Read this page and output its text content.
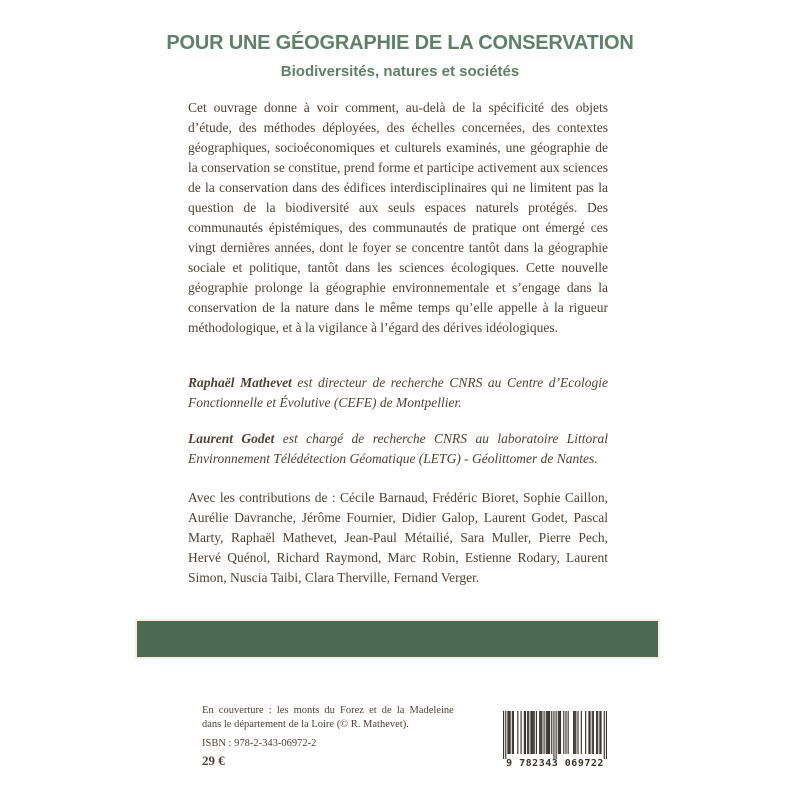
POUR UNE GÉOGRAPHIE DE LA CONSERVATION
Biodiversités, natures et sociétés
Cet ouvrage donne à voir comment, au-delà de la spécificité des objets d’étude, des méthodes déployées, des échelles concernées, des contextes géographiques, socioéconomiques et culturels examinés, une géographie de la conservation se constitue, prend forme et participe activement aux sciences de la conservation dans des édifices interdisciplinaires qui ne limitent pas la question de la biodiversité aux seuls espaces naturels protégés. Des communautés épistémiques, des communautés de pratique ont émergé ces vingt dernières années, dont le foyer se concentre tantôt dans la géographie sociale et politique, tantôt dans les sciences écologiques. Cette nouvelle géographie prolonge la géographie environnementale et s’engage dans la conservation de la nature dans le même temps qu’elle appelle à la rigueur méthodologique, et à la vigilance à l’égard des dérives idéologiques.

Raphaël Mathevet est directeur de recherche CNRS au Centre d’Ecologie Fonctionnelle et Évolutive (CEFE) de Montpellier.

Laurent Godet est chargé de recherche CNRS au laboratoire Littoral Environnement Télédétection Géomatique (LETG) - Géolittomer de Nantes.

Avec les contributions de : Cécile Barnaud, Frédéric Bioret, Sophie Caillon, Aurélie Davranche, Jérôme Fournier, Didier Galop, Laurent Godet, Pascal Marty, Raphaël Mathevet, Jean-Paul Métailié, Sara Muller, Pierre Pech, Hervé Quénol, Richard Raymond, Marc Robin, Estienne Rodary, Laurent Simon, Nuscia Taibi, Clara Therville, Fernand Verger.
En couverture : les monts du Forez et de la Madeleine
dans le département de la Loire (© R. Mathevet).
ISBN : 978-2-343-06972-2
29 €	9 782343 069722
